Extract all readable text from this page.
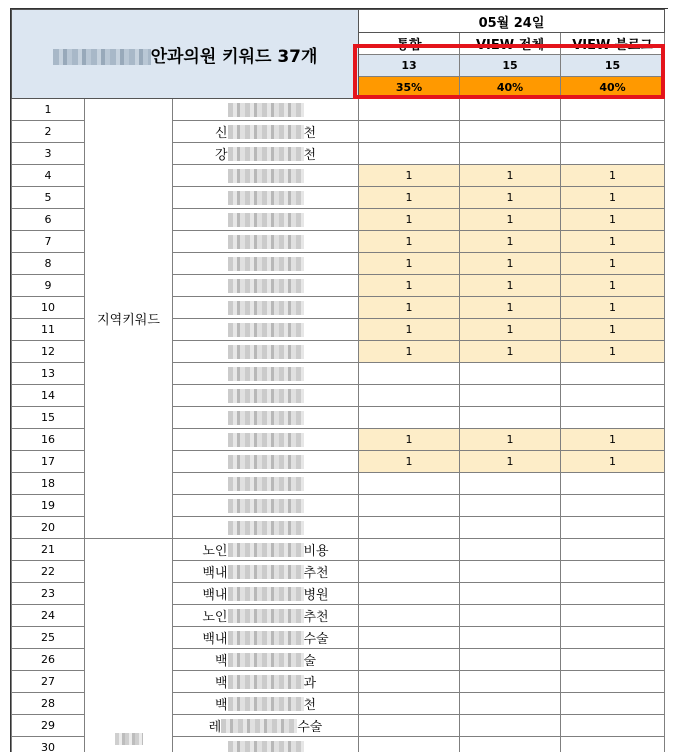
안과의원 키워드 37개			05월 24일		
			통합	VIEW-전체	VIEW-블로그
			13	15	15
			35%	40%	40%
1	지역키워드				
2		신 천			
3		강 천			
4			1	1	1
5			1	1	1
6			1	1	1
7			1	1	1
8			1	1	1
9			1	1	1
10			1	1	1
11			1	1	1
12			1	1	1
13					
14					
15					
16			1	1	1
17			1	1	1
18					
19					
20					
21		노인 비용			
22		백내 추천			
23		백내 병원			
24		노인 추천			
25		백내 수술			
26		백 술			
27		백 과			
28		백 천			
29		레 수술			
30					
